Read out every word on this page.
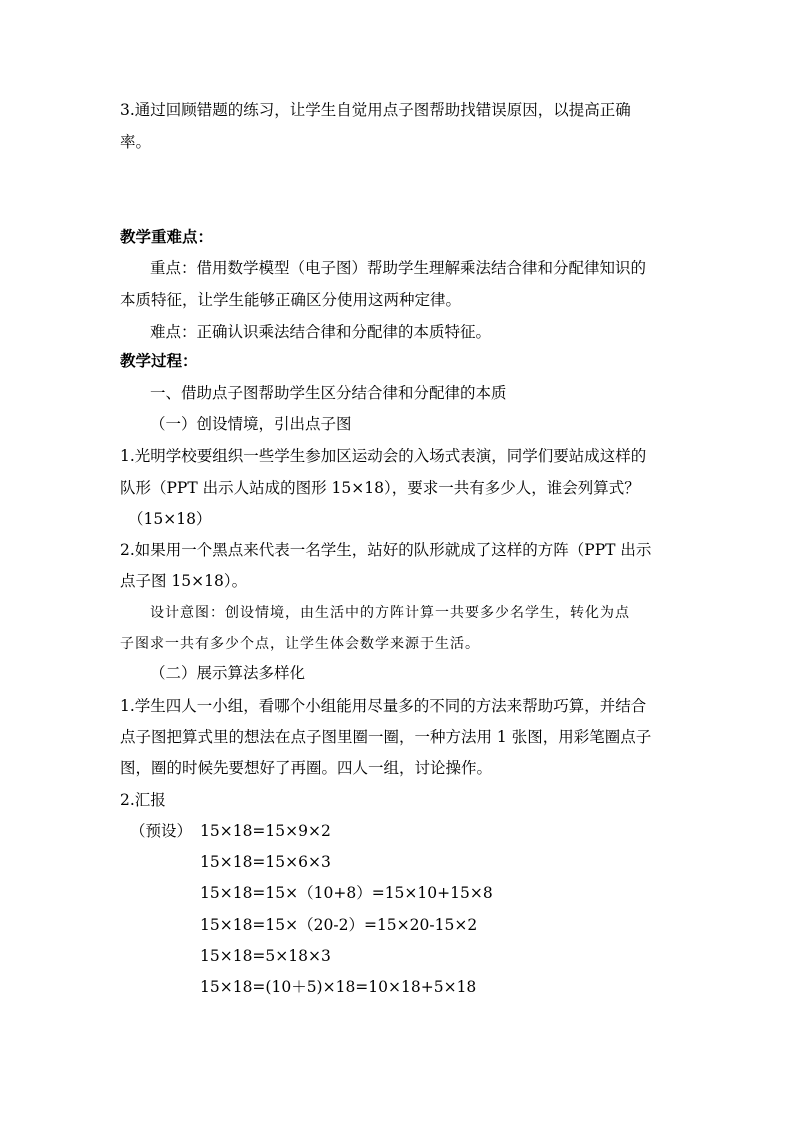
3.通过回顾错题的练习，让学生自觉用点子图帮助找错误原因，以提高正确
率。
教学重难点：
重点：借用数学模型（电子图）帮助学生理解乘法结合律和分配律知识的
本质特征，让学生能够正确区分使用这两种定律。
难点：正确认识乘法结合律和分配律的本质特征。
教学过程：
一、借助点子图帮助学生区分结合律和分配律的本质
（一）创设情境，引出点子图
1.光明学校要组织一些学生参加区运动会的入场式表演，同学们要站成这样的
队形（PPT 出示人站成的图形 15×18），要求一共有多少人，谁会列算式？
（15×18）
2.如果用一个黑点来代表一名学生，站好的队形就成了这样的方阵（PPT 出示
点子图 15×18）。
设计意图：创设情境，由生活中的方阵计算一共要多少名学生，转化为点
子图求一共有多少个点，让学生体会数学来源于生活。
（二）展示算法多样化
1.学生四人一小组，看哪个小组能用尽量多的不同的方法来帮助巧算，并结合
点子图把算式里的想法在点子图里圈一圈，一种方法用 1 张图，用彩笔圈点子
图，圈的时候先要想好了再圈。四人一组，讨论操作。
2.汇报
（预设） 15×18=15×9×2
15×18=15×6×3
15×18=15×（10+8）=15×10+15×8
15×18=15×（20-2）=15×20-15×2
15×18=5×18×3
15×18=(10＋5)×18=10×18+5×18
